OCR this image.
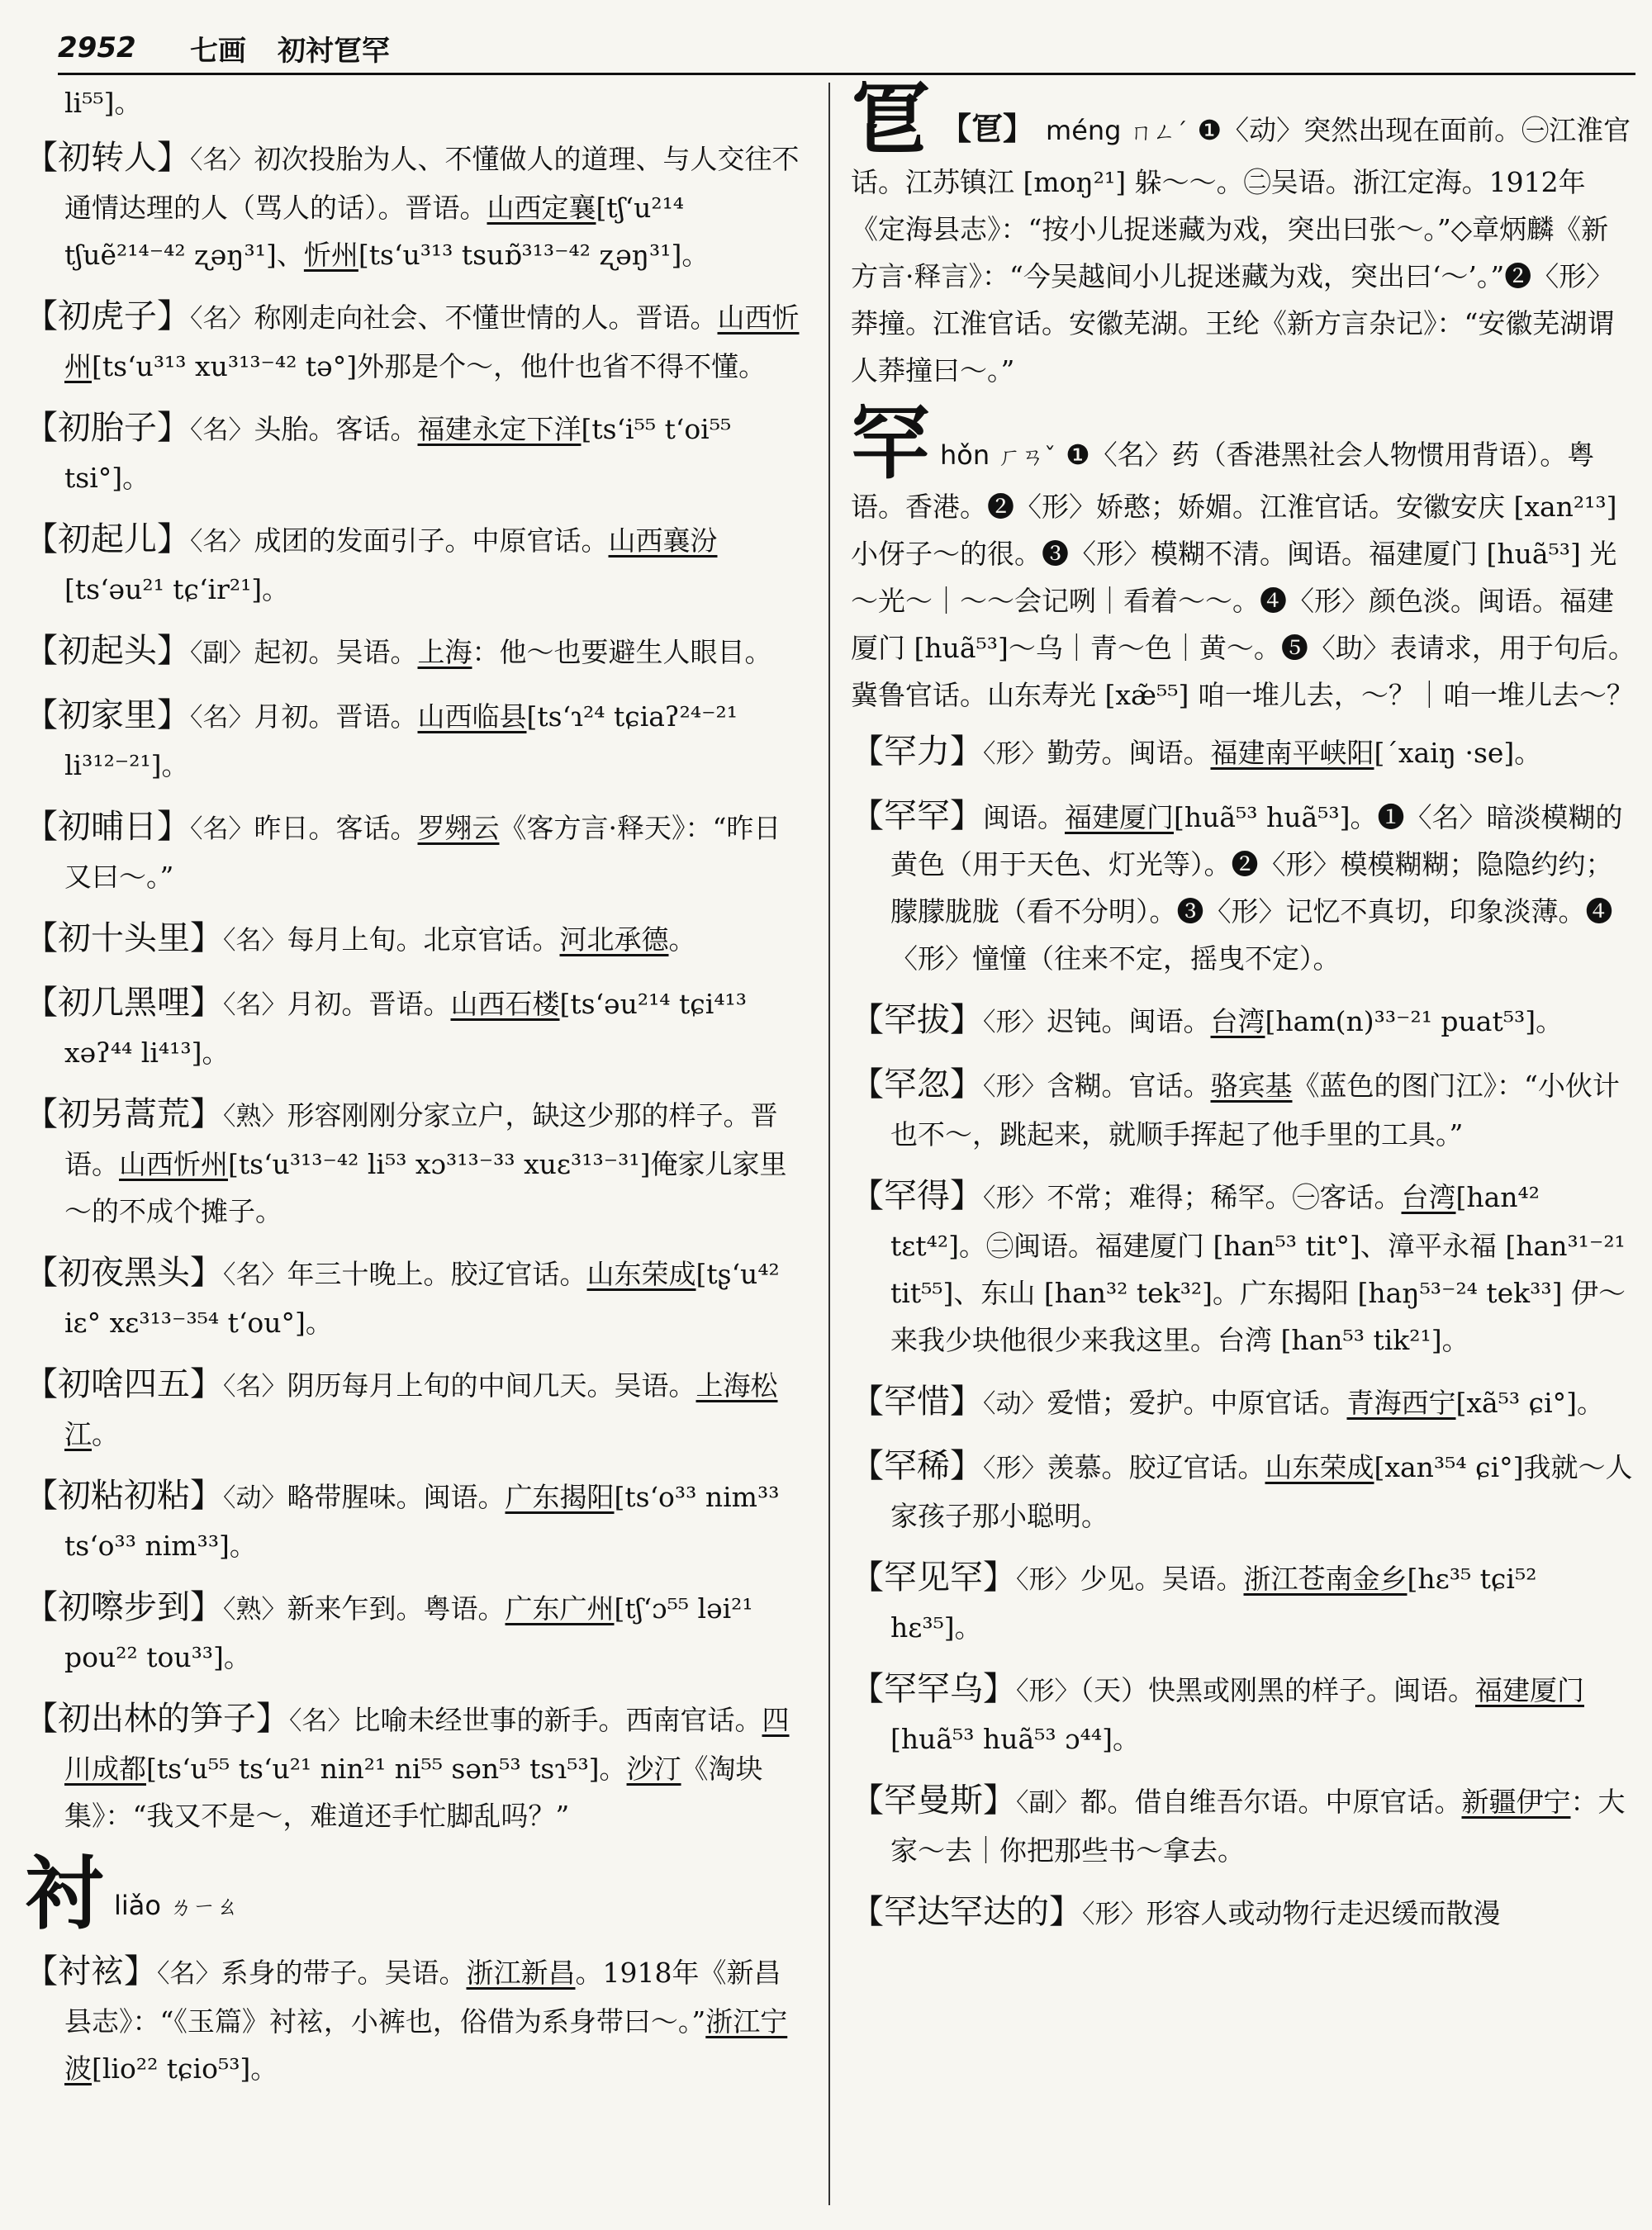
2952 七画 初衬冟罕
li⁵⁵]。
【初转人】〈名〉初次投胎为人、不懂做人的道理、与人交往不通情达理的人（骂人的话）。晋语。山西定襄[tʃʻu²¹⁴ tʃuẽ²¹⁴⁻⁴² ʐəŋ³¹]、忻州[tsʻu³¹³ tsuɒ̃³¹³⁻⁴² ʐəŋ³¹]。
【初虎子】〈名〉称刚走向社会、不懂世情的人。晋语。山西忻州[tsʻu³¹³ xu³¹³⁻⁴² tə°]外那是个～，他什也省不得不懂。
【初胎子】〈名〉头胎。客话。福建永定下洋[tsʻi⁵⁵ tʻoi⁵⁵ tsi°]。
【初起儿】〈名〉成团的发面引子。中原官话。山西襄汾[tsʻəu²¹ tɕʻir²¹]。
【初起头】〈副〉起初。吴语。上海：他～也要避生人眼目。
【初家里】〈名〉月初。晋语。山西临县[tsʻɿ²⁴ tɕiaʔ²⁴⁻²¹ li³¹²⁻²¹]。
【初晡日】〈名〉昨日。客话。罗翙云《客方言·释天》：“昨日又曰～。”
【初十头里】〈名〉每月上旬。北京官话。河北承德。
【初几黑哩】〈名〉月初。晋语。山西石楼[tsʻəu²¹⁴ tɕi⁴¹³ xəʔ⁴⁴ li⁴¹³]。
【初另蒿荒】〈熟〉形容刚刚分家立户，缺这少那的样子。晋语。山西忻州[tsʻu³¹³⁻⁴² li⁵³ xɔ³¹³⁻³³ xuɛ³¹³⁻³¹]俺家儿家里～的不成个摊子。
【初夜黑头】〈名〉年三十晚上。胶辽官话。山东荣成[tʂʻu⁴² iɛ° xɛ³¹³⁻³⁵⁴ tʻou°]。
【初啥四五】〈名〉阴历每月上旬的中间几天。吴语。上海松江。
【初粘初粘】〈动〉略带腥味。闽语。广东揭阳[tsʻo³³ nim³³ tsʻo³³ nim³³]。
【初嚓步到】〈熟〉新来乍到。粤语。广东广州[tʃʻɔ⁵⁵ ləi²¹ pou²² tou³³]。
【初出林的笋子】〈名〉比喻未经世事的新手。西南官话。四川成都[tsʻu⁵⁵ tsʻu²¹ nin²¹ ni⁵⁵ sən⁵³ tsɿ⁵³]。沙汀《淘块集》：“我又不是～，难道还手忙脚乱吗？”
衬liǎo ㄌㄧㄠ
【衬袨】〈名〉系身的带子。吴语。浙江新昌。1918年《新昌县志》：“《玉篇》衬袨，小裤也，俗借为系身带曰～。”浙江宁波[lio²² tɕio⁵³]。
冟 【冟】 méng ㄇㄥˊ ❶〈动〉突然出现在面前。㊀江淮官话。江苏镇江 [moŋ²¹] 躲～～。㊁吴语。浙江定海。1912年《定海县志》：“按小儿捉迷藏为戏，突出曰张～。”◇章炳麟《新方言·释言》：“今吴越间小儿捉迷藏为戏，突出曰‘～’。”❷〈形〉莽撞。江淮官话。安徽芜湖。王纶《新方言杂记》：“安徽芜湖谓人莽撞曰～。”
罕hǒn ㄏㄢˇ ❶〈名〉药（香港黑社会人物惯用背语）。粤语。香港。❷〈形〉娇憨；娇媚。江淮官话。安徽安庆 [xan²¹³] 小伢子～的很。❸〈形〉模糊不清。闽语。福建厦门 [huã⁵³] 光～光～｜～～会记咧｜看着～～。❹〈形〉颜色淡。闽语。福建厦门 [huã⁵³]～乌｜青～色｜黄～。❺〈助〉表请求，用于句后。冀鲁官话。山东寿光 [xæ̃⁵⁵] 咱一堆儿去，～？｜咱一堆儿去～？
【罕力】〈形〉勤劳。闽语。福建南平峡阳[ˊxaiŋ ·se]。
【罕罕】闽语。福建厦门[huã⁵³ huã⁵³]。❶〈名〉暗淡模糊的黄色（用于天色、灯光等）。❷〈形〉模模糊糊；隐隐约约；朦朦胧胧（看不分明）。❸〈形〉记忆不真切，印象淡薄。❹〈形〉憧憧（往来不定，摇曳不定）。
【罕拔】〈形〉迟钝。闽语。台湾[ham(n)³³⁻²¹ puat⁵³]。
【罕忽】〈形〉含糊。官话。骆宾基《蓝色的图门江》：“小伙计也不～，跳起来，就顺手挥起了他手里的工具。”
【罕得】〈形〉不常；难得；稀罕。㊀客话。台湾[han⁴² tɛt⁴²]。㊁闽语。福建厦门 [han⁵³ tit°]、漳平永福 [han³¹⁻²¹ tit⁵⁵]、东山 [han³² tek³²]。广东揭阳 [haŋ⁵³⁻²⁴ tek³³] 伊～来我少块他很少来我这里。台湾 [han⁵³ tik²¹]。
【罕惜】〈动〉爱惜；爱护。中原官话。青海西宁[xã⁵³ ɕi°]。
【罕稀】〈形〉羡慕。胶辽官话。山东荣成[xan³⁵⁴ ɕi°]我就～人家孩子那小聪明。
【罕见罕】〈形〉少见。吴语。浙江苍南金乡[hɛ³⁵ tɕi⁵² hɛ³⁵]。
【罕罕乌】〈形〉（天）快黑或刚黑的样子。闽语。福建厦门[huã⁵³ huã⁵³ ɔ⁴⁴]。
【罕曼斯】〈副〉都。借自维吾尔语。中原官话。新疆伊宁：大家～去｜你把那些书～拿去。
【罕达罕达的】〈形〉形容人或动物行走迟缓而散漫
